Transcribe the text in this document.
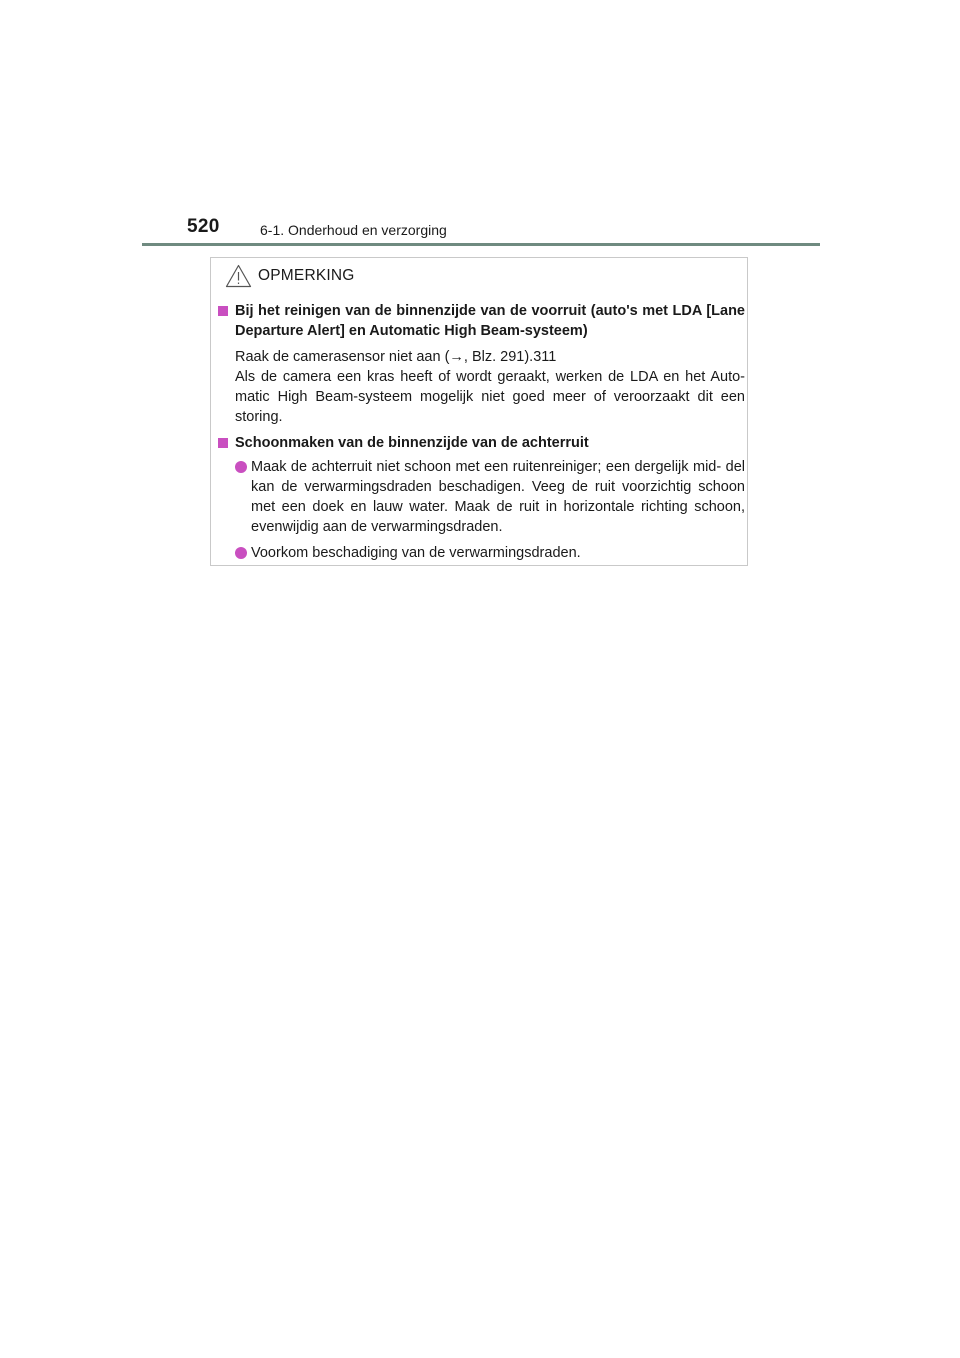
520	6-1. Onderhoud en verzorging
OPMERKING
Bij het reinigen van de binnenzijde van de voorruit (auto's met LDA [Lane Departure Alert] en Automatic High Beam-systeem)
Raak de camerasensor niet aan (→, Blz. 291).311
Als de camera een kras heeft of wordt geraakt, werken de LDA en het Auto- matic High Beam-systeem mogelijk niet goed meer of veroorzaakt dit een storing.
Schoonmaken van de binnenzijde van de achterruit
Maak de achterruit niet schoon met een ruitenreiniger; een dergelijk mid- del kan de verwarmingsdraden beschadigen. Veeg de ruit voorzichtig schoon met een doek en lauw water. Maak de ruit in horizontale richting schoon, evenwijdig aan de verwarmingsdraden.
Voorkom beschadiging van de verwarmingsdraden.
